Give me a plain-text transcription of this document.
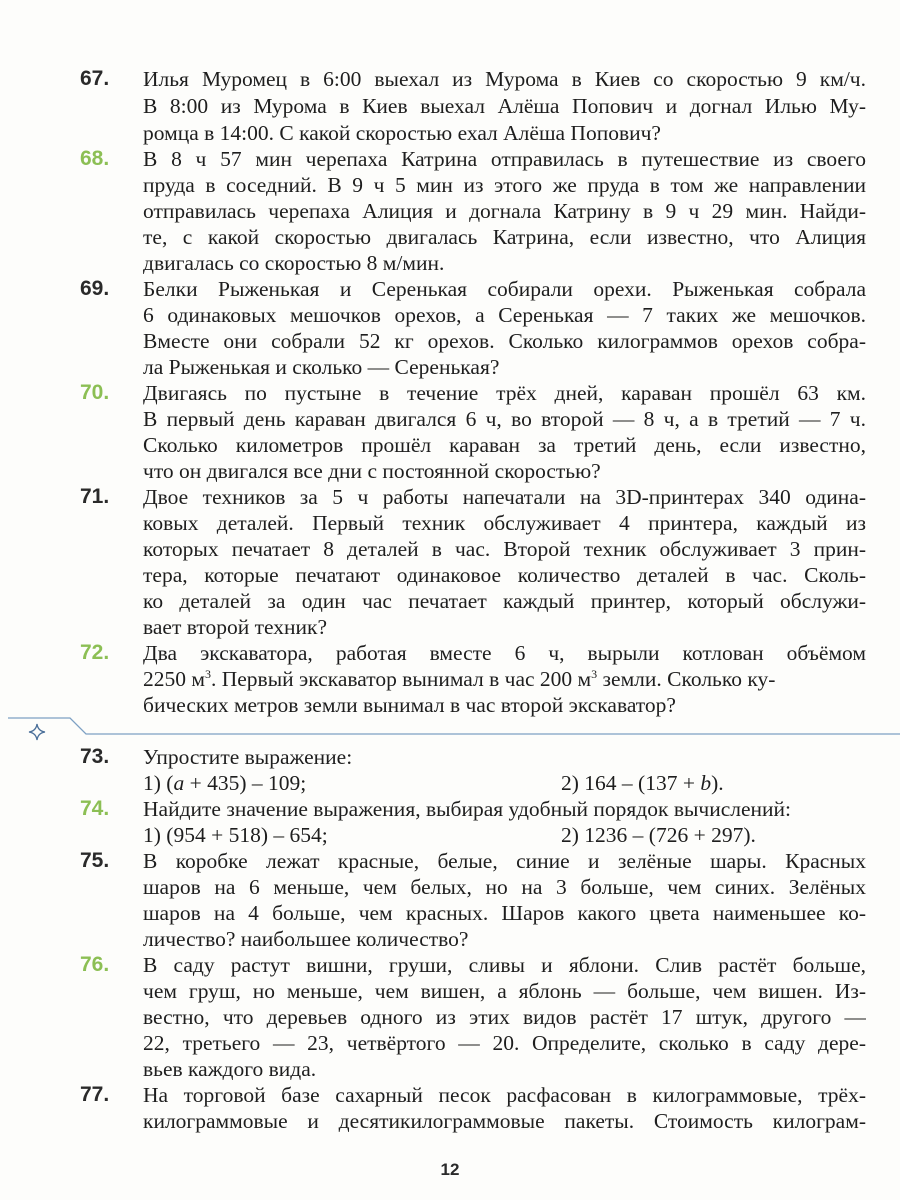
67. Илья Муромец в 6:00 выехал из Мурома в Киев со скоростью 9 км/ч.
В 8:00 из Мурома в Киев выехал Алёша Попович и догнал Илью Му-
ромца в 14:00. С какой скоростью ехал Алёша Попович?
68. В 8 ч 57 мин черепаха Катрина отправилась в путешествие из своего
пруда в соседний. В 9 ч 5 мин из этого же пруда в том же направлении
отправилась черепаха Алиция и догнала Катрину в 9 ч 29 мин. Найди-
те, с какой скоростью двигалась Катрина, если известно, что Алиция
двигалась со скоростью 8 м/мин.
69. Белки Рыженькая и Серенькая собирали орехи. Рыженькая собрала
6 одинаковых мешочков орехов, а Серенькая — 7 таких же мешочков.
Вместе они собрали 52 кг орехов. Сколько килограммов орехов собра-
ла Рыженькая и сколько — Серенькая?
70. Двигаясь по пустыне в течение трёх дней, караван прошёл 63 км.
В первый день караван двигался 6 ч, во второй — 8 ч, а в третий — 7 ч.
Сколько километров прошёл караван за третий день, если известно,
что он двигался все дни с постоянной скоростью?
71. Двое техников за 5 ч работы напечатали на 3D-принтерах 340 одина-
ковых деталей. Первый техник обслуживает 4 принтера, каждый из
которых печатает 8 деталей в час. Второй техник обслуживает 3 прин-
тера, которые печатают одинаковое количество деталей в час. Сколь-
ко деталей за один час печатает каждый принтер, который обслужи-
вает второй техник?
72. Два экскаватора, работая вместе 6 ч, вырыли котлован объёмом
2250 $м^3$. Первый экскаватор вынимал в час 200 $м^3$ земли. Сколько ку-
бических метров земли вынимал в час второй экскаватор?
73. Упростите выражение:
1) (a + 435) – 109;	2) 164 – (137 + b).
74. Найдите значение выражения, выбирая удобный порядок вычислений:
1) (954 + 518) – 654;	2) 1236 – (726 + 297).
75. В коробке лежат красные, белые, синие и зелёные шары. Красных
шаров на 6 меньше, чем белых, но на 3 больше, чем синих. Зелёных
шаров на 4 больше, чем красных. Шаров какого цвета наименьшее ко-
личество? наибольшее количество?
76. В саду растут вишни, груши, сливы и яблони. Слив растёт больше,
чем груш, но меньше, чем вишен, а яблонь — больше, чем вишен. Из-
вестно, что деревьев одного из этих видов растёт 17 штук, другого —
22, третьего — 23, четвёртого — 20. Определите, сколько в саду дере-
вьев каждого вида.
77. На торговой базе сахарный песок расфасован в килограммовые, трёх-
килограммовые и десятикилограммовые пакеты. Стоимость килограм-
12
